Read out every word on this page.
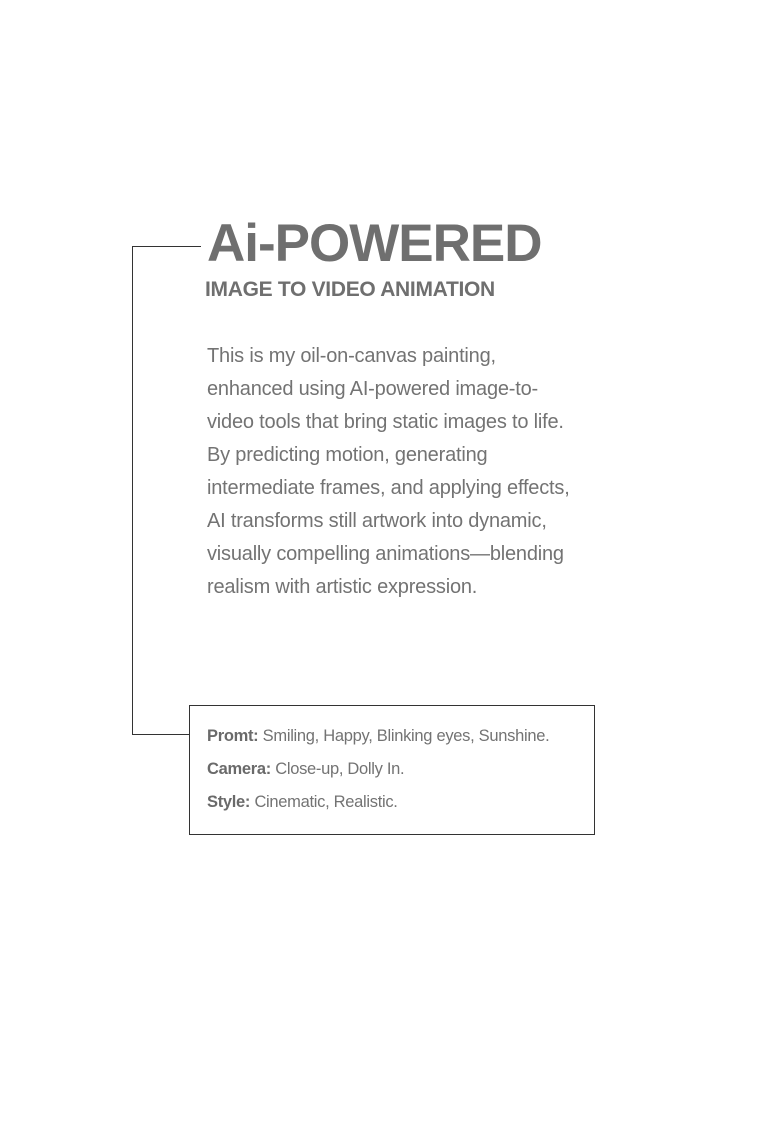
Ai-POWERED
IMAGE TO VIDEO ANIMATION

This is my oil-on-canvas painting, enhanced using AI-powered image-to-video tools that bring static images to life. By predicting motion, generating intermediate frames, and applying effects, AI transforms still artwork into dynamic, visually compelling animations—blending realism with artistic expression.

Promt: Smiling, Happy, Blinking eyes, Sunshine.

Camera: Close-up, Dolly In.

Style: Cinematic, Realistic.
